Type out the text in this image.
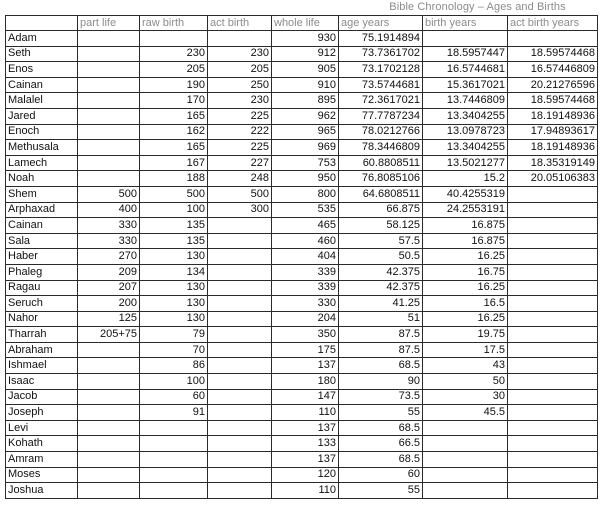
Bible Chronology – Ages and Births
	part life	raw birth	act birth	whole life	age years	birth years	act birth years
Adam				930	75.1914894		
Seth		230	230	912	73.7361702	18.5957447	18.59574468
Enos		205	205	905	73.1702128	16.5744681	16.57446809
Cainan		190	250	910	73.5744681	15.3617021	20.21276596
Malalel		170	230	895	72.3617021	13.7446809	18.59574468
Jared		165	225	962	77.7787234	13.3404255	18.19148936
Enoch		162	222	965	78.0212766	13.0978723	17.94893617
Methusala		165	225	969	78.3446809	13.3404255	18.19148936
Lamech		167	227	753	60.8808511	13.5021277	18.35319149
Noah		188	248	950	76.8085106	15.2	20.05106383
Shem	500	500	500	800	64.6808511	40.4255319	
Arphaxad	400	100	300	535	66.875	24.2553191	
Cainan	330	135		465	58.125	16.875	
Sala	330	135		460	57.5	16.875	
Haber	270	130		404	50.5	16.25	
Phaleg	209	134		339	42.375	16.75	
Ragau	207	130		339	42.375	16.25	
Seruch	200	130		330	41.25	16.5	
Nahor	125	130		204	51	16.25	
Tharrah	205+75	79		350	87.5	19.75	
Abraham		70		175	87.5	17.5	
Ishmael		86		137	68.5	43	
Isaac		100		180	90	50	
Jacob		60		147	73.5	30	
Joseph		91		110	55	45.5	
Levi				137	68.5		
Kohath				133	66.5		
Amram				137	68.5		
Moses				120	60		
Joshua				110	55		
